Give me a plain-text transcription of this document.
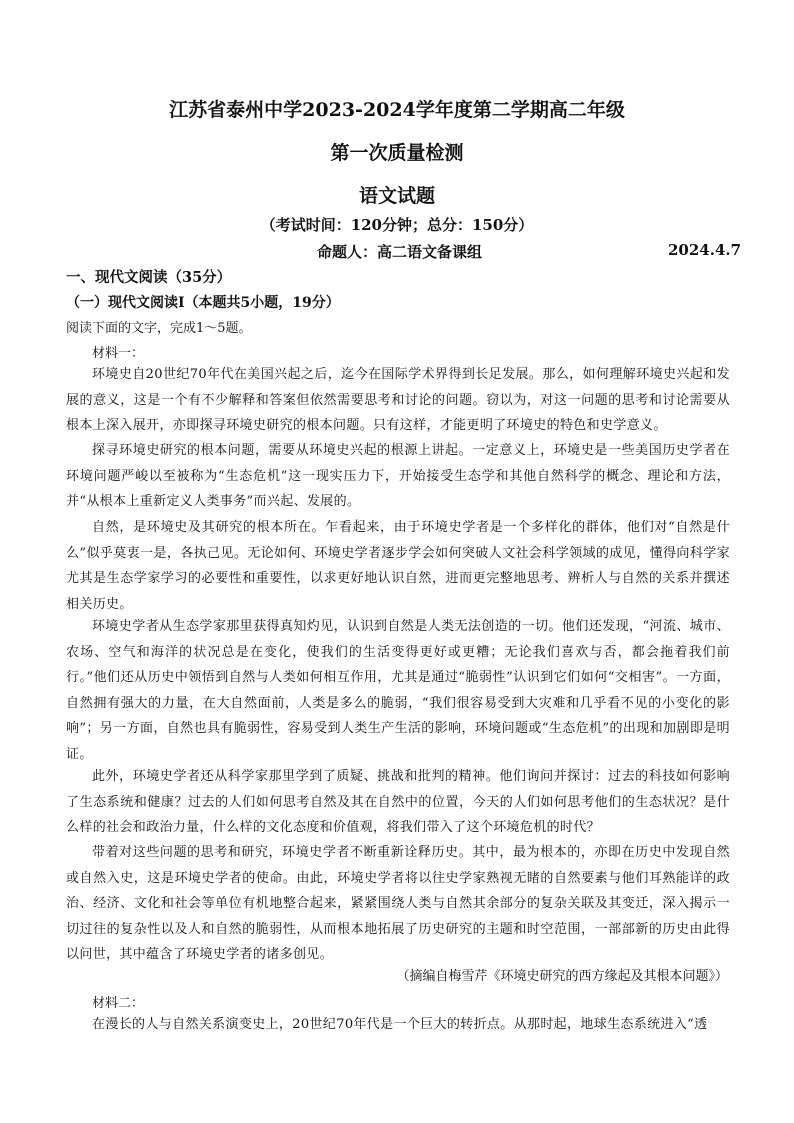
江苏省泰州中学2023-2024学年度第二学期高二年级
第一次质量检测
语文试题
（考试时间：120分钟；总分：150分）
命题人：高二语文备课组	2024.4.7
一、现代文阅读（35分）
（一）现代文阅读Ⅰ（本题共5小题，19分）
阅读下面的文字，完成1～5题。
材料一：

环境史自20世纪70年代在美国兴起之后，迄今在国际学术界得到长足发展。那么，如何理解环境史兴起和发展的意义，这是一个有不少解释和答案但依然需要思考和讨论的问题。窃以为，对这一问题的思考和讨论需要从根本上深入展开，亦即探寻环境史研究的根本问题。只有这样，才能更明了环境史的特色和史学意义。

探寻环境史研究的根本问题，需要从环境史兴起的根源上讲起。一定意义上，环境史是一些美国历史学者在环境问题严峻以至被称为“生态危机”这一现实压力下，开始接受生态学和其他自然科学的概念、理论和方法，并“从根本上重新定义人类事务”而兴起、发展的。

自然，是环境史及其研究的根本所在。乍看起来，由于环境史学者是一个多样化的群体，他们对“自然是什么”似乎莫衷一是，各执己见。无论如何、环境史学者逐步学会如何突破人文社会科学领域的成见，懂得向科学家尤其是生态学家学习的必要性和重要性，以求更好地认识自然，进而更完整地思考、辨析人与自然的关系并撰述相关历史。

环境史学者从生态学家那里获得真知灼见，认识到自然是人类无法创造的一切。他们还发现，“河流、城市、农场、空气和海洋的状况总是在变化，使我们的生活变得更好或更糟；无论我们喜欢与否，都会拖着我们前行。”他们还从历史中领悟到自然与人类如何相互作用，尤其是通过“脆弱性”认识到它们如何“交相害”。一方面，自然拥有强大的力量，在大自然面前，人类是多么的脆弱，“我们很容易受到大灾难和几乎看不见的小变化的影响”；另一方面，自然也具有脆弱性，容易受到人类生产生活的影响，环境问题或“生态危机”的出现和加剧即是明证。

此外，环境史学者还从科学家那里学到了质疑、挑战和批判的精神。他们询问并探讨：过去的科技如何影响了生态系统和健康？过去的人们如何思考自然及其在自然中的位置，今天的人们如何思考他们的生态状况？是什么样的社会和政治力量，什么样的文化态度和价值观，将我们带入了这个环境危机的时代？

带着对这些问题的思考和研究，环境史学者不断重新诠释历史。其中，最为根本的，亦即在历史中发现自然或自然入史，这是环境史学者的使命。由此，环境史学者将以往史学家熟视无睹的自然要素与他们耳熟能详的政治、经济、文化和社会等单位有机地整合起来，紧紧围绕人类与自然其余部分的复杂关联及其变迁，深入揭示一切过往的复杂性以及人和自然的脆弱性，从而根本地拓展了历史研究的主题和时空范围，一部部新的历史由此得以问世，其中蕴含了环境史学者的诸多创见。

（摘编自梅雪芹《环境史研究的西方缘起及其根本问题》）
材料二：

在漫长的人与自然关系演变史上，20世纪70年代是一个巨大的转折点。从那时起，地球生态系统进入“透
